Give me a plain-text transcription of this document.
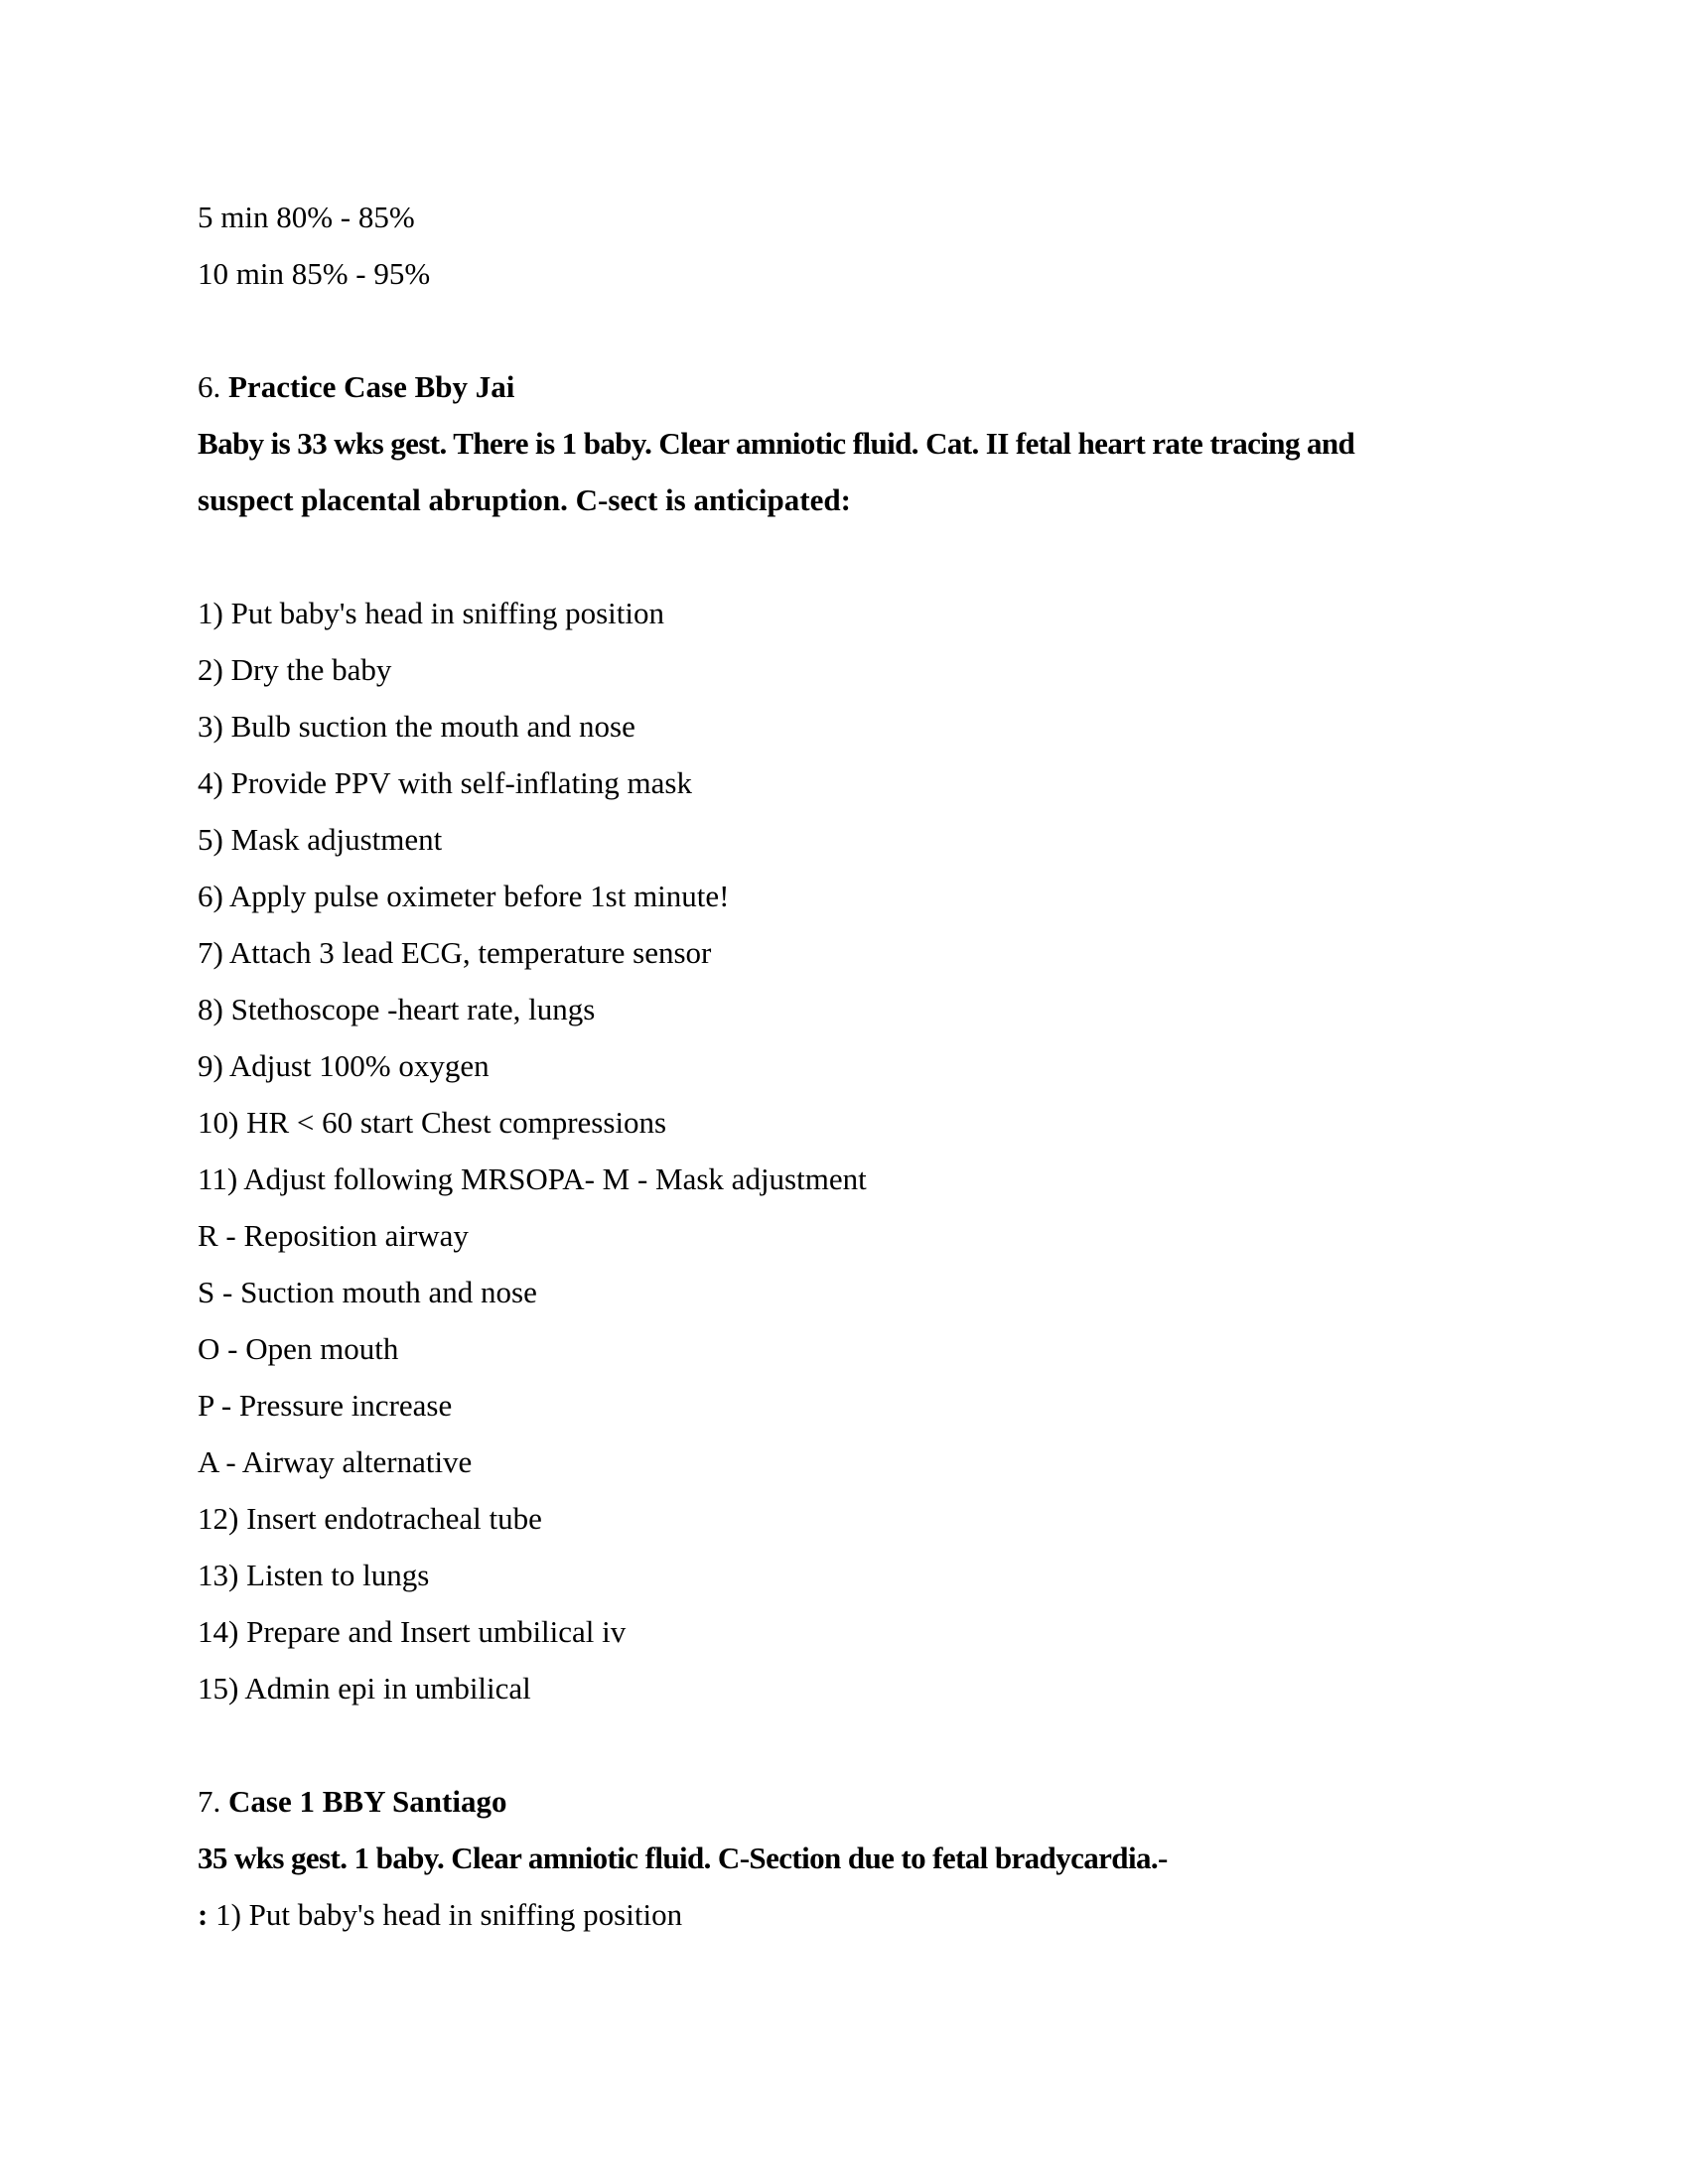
5 min 80% - 85%
10 min 85% - 95%
6. Practice Case Bby Jai
Baby is 33 wks gest. There is 1 baby. Clear amniotic fluid. Cat. II fetal heart rate tracing and
suspect placental abruption. C-sect is anticipated:
1) Put baby's head in sniffing position
2) Dry the baby
3) Bulb suction the mouth and nose
4) Provide PPV with self-inflating mask
5) Mask adjustment
6) Apply pulse oximeter before 1st minute!
7) Attach 3 lead ECG, temperature sensor
8) Stethoscope -heart rate, lungs
9) Adjust 100% oxygen
10) HR < 60 start Chest compressions
11) Adjust following MRSOPA- M - Mask adjustment
R - Reposition airway
S - Suction mouth and nose
O - Open mouth
P - Pressure increase
A - Airway alternative
12) Insert endotracheal tube
13) Listen to lungs
14) Prepare and Insert umbilical iv
15) Admin epi in umbilical
7. Case 1 BBY Santiago
35 wks gest. 1 baby. Clear amniotic fluid. C-Section due to fetal bradycardia.-
: 1) Put baby's head in sniffing position
